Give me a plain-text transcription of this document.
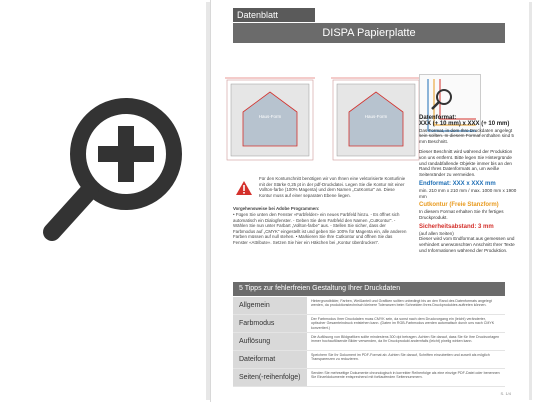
Datenblatt
DISPA Papierplatte
Haus-Form	Haus-Form
Für den Konturschnitt benötigen wir von Ihnen eine vektorisierte Konturlinie mit der Stärke 0,25 pt in der pdf-Druckdatei. Legen Sie die Kontur mit einer Vollton-farbe (100% Magenta) und dem Namen „CutKontur" an. Diese Kontur muss auf einer separaten Ebene liegen.
Vorgehensweise bei Adobe Programmen:
• Fügen Sie unten den Fenster «Farbfelder» ein neues Farbfeld hinzu. - Es öffnet sich automatisch ein Dialogfenster. - Geben Sie dem Farbfeld den Namen „CutKontur". - Wählen Sie nun unter Farbart „Vollton-farbe" aus. - Stellen Sie sicher, dass der Farbmodus auf „CMYK" eingestellt ist und geben Sie 100% für Magenta ein, alle anderen Farben müssen auf null stehen. • Markieren Sie Ihre Cutkontur und öffnen Sie das Fenster «Attribute». Setzen Sie hier ein Häkchen bei „Kontur überdrucken".
Datenformat:
XXX (+ 10 mm) x XXX (+ 10 mm)
Das Format, in dem Ihre Druckdaten angelegt sein sollten. In diesem Format enthalten sind 5 mm Beschnitt.
Dieser Beschnitt wird während der Produktion von uns entfernt. Bitte legen Sie Hintergründe und randabfallende Objekte immer bis an den Rand Ihres Datenformats an, um weiße Seitenränder zu vermeiden.
Endformat: XXX x XXX mm
min. 210 mm x 210 mm / max. 1000 mm x 1900 mm
Cutkontur (Freie Stanzform)
In diesem Format erhalten Sie Ihr fertiges Druckprodukt.
Sicherheitsabstand: 3 mm
(auf allen Seiten)
Dieser wird vom Endformat aus gemessen und verhindert unerwünschten Anschnitt Ihrer Texte und Informationen während der Produktion.
5 Tipps zur fehlerfreien Gestaltung Ihrer Druckdaten
Allgemein
Hintergrundbilder, Farben, Weißanteil und Grafiken sollten unbedingt bis an den Rand des Datenformats angelegt werden, da produktionstechnisch kleinere Toleranzen beim Schneiden Ihres Druckproduktes auftreten können.
Farbmodus
Der Farbmodus Ihrer Druckdaten muss CMYK sein, da sonst nach dem Druckvorgang ein (leicht) veränderter, optischer Gesamteindruck entstehen kann. (Daten im RGB-Farbmodus werden automatisch durch uns nach CMYK konvertiert.)
Auflösung
Die Auflösung von Bildgrafiken sollte mindestens 300 dpi betragen. Achten Sie darauf, dass Sie für Ihre Druckvorlagen immer hochauflösende Bilder verwenden, da Ihr Druckprodukt andernfalls (leicht) pixelig wirken kann.
Dateiformat
Speichern Sie Ihr Dokument im PDF-Format ab. Achten Sie darauf, Schriften einzubetten und zuweit als möglich Transparenzen zu reduzieren.
Seiten(-reihenfolge)
Senden Sie mehrseitige Dokumente chronologisch in korrekter Reihenfolge als eine einzige PDF-Datei oder benennen Sie Einzeldokumente entsprechend mit fortlaufenden Seitennummern.
S. 1/4
